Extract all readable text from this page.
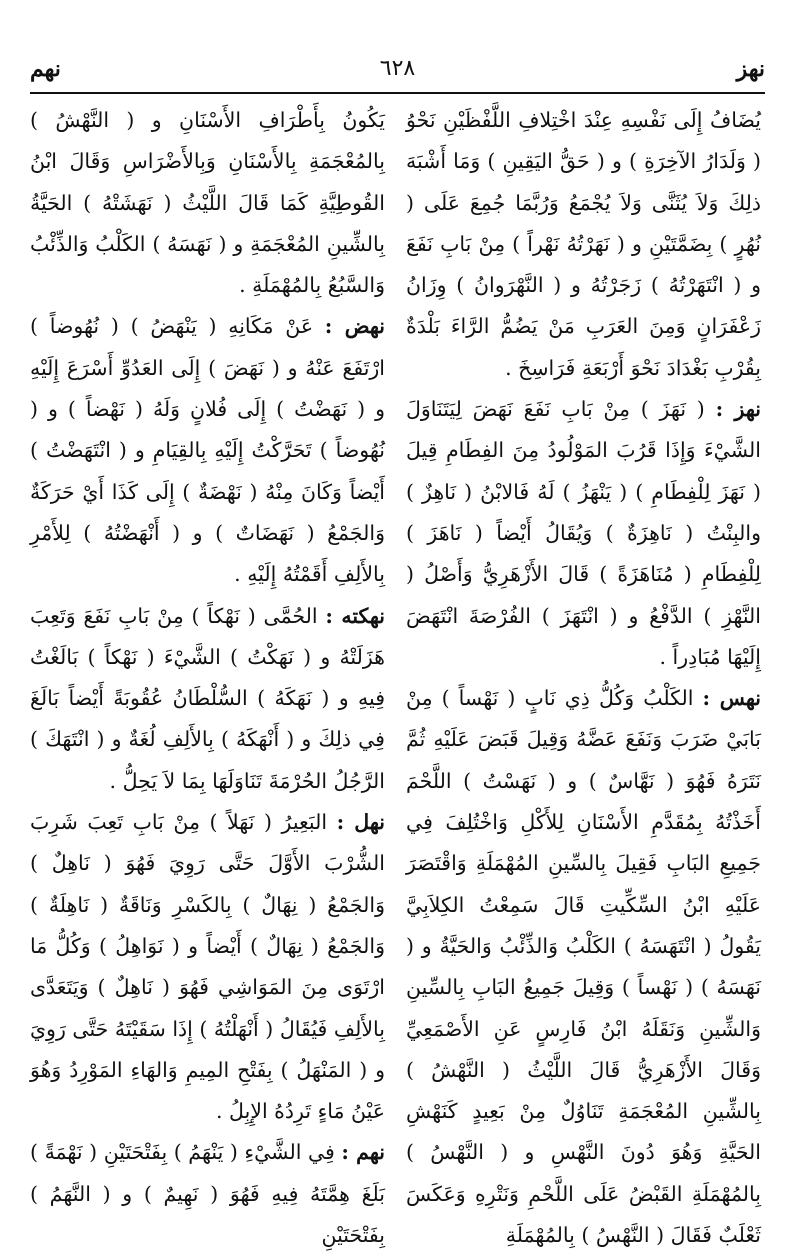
نهز
٦٢٨
نهم

يُضَافُ إِلَى نَفْسِهِ عِنْدَ اخْتِلافِ اللَّفْظَيْنِ نَحْوُ ( وَلَدَارُ الآخِرَةِ ) و ( حَقُّ اليَقِينِ ) وَمَا أَشْبَهَ ذلِكَ وَلاَ يُثَنَّى وَلاَ يُجْمَعُ وَرُبَّمَا جُمِعَ عَلَى ( نُهُرٍ ) بِضَمَّتَيْنِ و ( نَهَرْتُهُ نَهْراً ) مِنْ بَابِ نَفَعَ و ( انْتَهَرْتُهُ ) زَجَرْتُهُ و ( النَّهْرَوانُ ) وِزَانُ زَعْفَرَانٍ وَمِنَ العَرَبِ مَنْ يَضُمُّ الرَّاءَ بَلْدَةٌ بِقُرْبِ بَغْدَادَ نَحْوَ أَرْبَعَةِ فَرَاسِخَ .

نهز : ( نَهَزَ ) مِنْ بَابِ نَفَعَ نَهَضَ لِيَتَنَاوَلَ الشَّيْءَ وَإِذَا قَرُبَ المَوْلُودُ مِنَ الفِطَامِ قِيلَ ( نَهَزَ لِلْفِطَامِ ) ( يَنْهَزُ ) لَهُ فَالابْنُ ( نَاهِزٌ ) والبِنْتُ ( نَاهِزَةٌ ) وَيُقَالُ أَيْضاً ( نَاهَزَ ) لِلْفِطَامِ ( مُنَاهَزَةً ) قَالَ الأَزْهَرِيُّ وَأَصْلُ ( النَّهْزِ ) الدَّفْعُ و ( انْتَهَزَ ) الفُرْصَةَ انْتَهَضَ إِلَيْهَا مُبَادِراً .

نهس : الكَلْبُ وَكُلُّ ذِي نَابٍ ( نَهْساً ) مِنْ بَابَيْ ضَرَبَ وَنَفَعَ عَضَّهُ وَقِيلَ قَبَضَ عَلَيْهِ ثُمَّ نَتَرَهُ فَهُوَ ( نَهَّاسٌ ) و ( نَهَسْتُ ) اللَّحْمَ أَخَذْتُهُ بِمُقَدَّمِ الأَسْنَانِ لِلأَكْلِ وَاخْتُلِفَ فِي جَمِيعِ البَابِ فَقِيلَ بِالسِّينِ المُهْمَلَةِ وَاقْتَصَرَ عَلَيْهِ ابْنُ السِّكِّيتِ قَالَ سَمِعْتُ الكِلاَبِيَّ يَقُولُ ( انْتَهَسَهُ ) الكَلْبُ وَالذِّئْبُ وَالحَيَّةُ و ( نَهَسَهُ ) ( نَهْساً ) وَقِيلَ جَمِيعُ البَابِ بِالسِّينِ وَالشِّينِ وَنَقَلَهُ ابْنُ فَارِسٍ عَنِ الأَصْمَعِيِّ وَقَالَ الأَزْهَرِيُّ قَالَ اللَّيْثُ ( النَّهْشُ ) بِالشِّينِ المُعْجَمَةِ تَنَاوُلٌ مِنْ بَعِيدٍ كَنَهْشِ الحَيَّةِ وَهُوَ دُونَ النَّهْسِ و ( النَّهْسُ ) بِالمُهْمَلَةِ القَبْضُ عَلَى اللَّحْمِ وَنَتْرِهِ وَعَكَسَ ثَعْلَبٌ فَقَالَ ( النَّهْسُ ) بِالمُهْمَلَةِ

يَكُونُ بِأَطْرَافِ الأَسْنَانِ و ( النَّهْشُ ) بِالمُعْجَمَةِ بِالأَسْنَانِ وَبِالأَضْرَاسِ وَقَالَ ابْنُ القُوطِيَّةِ كَمَا قَالَ اللَّيْثُ ( نَهَشَتْهُ ) الحَيَّةُ بِالشِّينِ المُعْجَمَةِ و ( نَهَسَهُ ) الكَلْبُ وَالذِّئْبُ وَالسَّبُعُ بِالمُهْمَلَةِ .

نهض : عَنْ مَكَانِهِ ( يَنْهَضُ ) ( نُهُوضاً ) ارْتَفَعَ عَنْهُ و ( نَهَضَ ) إِلَى العَدُوِّ أَسْرَعَ إِلَيْهِ و ( نَهَضْتُ ) إِلَى فُلانٍ وَلَهُ ( نَهْضاً ) و ( نُهُوضاً ) تَحَرَّكْتُ إِلَيْهِ بِالقِيَامِ و ( انْتَهَضْتُ ) أَيْضاً وَكَانَ مِنْهُ ( نَهْضَةٌ ) إِلَى كَذَا أَيْ حَرَكَةٌ وَالجَمْعُ ( نَهَضَاتٌ ) و ( أَنْهَضْتُهُ ) لِلأَمْرِ بِالأَلِفِ أَقَمْتُهُ إِلَيْهِ .

نهكته : الحُمَّى ( نَهْكاً ) مِنْ بَابِ نَفَعَ وَتَعِبَ هَزَلَتْهُ و ( نَهَكْتُ ) الشَّيْءَ ( نَهْكاً ) بَالَغْتُ فِيهِ و ( نَهَكَهُ ) السُّلْطَانُ عُقُوبَةً أَيْضاً بَالَغَ فِي ذلِكَ و ( أَنْهَكَهُ ) بِالأَلِفِ لُغَةٌ و ( انْتَهَكَ ) الرَّجُلُ الحُرْمَةَ تَنَاوَلَهَا بِمَا لاَ يَحِلُّ .

نهل : البَعِيرُ ( نَهَلاً ) مِنْ بَابِ تَعِبَ شَرِبَ الشُّرْبَ الأَوَّلَ حَتَّى رَوِيَ فَهُوَ ( نَاهِلٌ ) وَالجَمْعُ ( نِهَالٌ ) بِالكَسْرِ وَنَاقَةٌ ( نَاهِلَةٌ ) وَالجَمْعُ ( نِهَالٌ ) أَيْضاً و ( نَوَاهِلُ ) وَكُلُّ مَا ارْتَوَى مِنَ المَوَاشِي فَهُوَ ( نَاهِلٌ ) وَيَتَعَدَّى بِالأَلِفِ فَيُقَالُ ( أَنْهَلْتُهُ ) إِذَا سَقَيْتَهُ حَتَّى رَوِيَ و ( المَنْهَلُ ) بِفَتْحِ المِيمِ وَالهَاءِ المَوْرِدُ وَهُوَ عَيْنُ مَاءٍ تَرِدُهُ الإِبِلُ .

نهم : فِي الشَّيْءِ ( يَنْهَمُ ) بِفَتْحَتَيْنِ ( نَهْمَةً ) بَلَغَ هِمَّتَهُ فِيهِ فَهُوَ ( نَهِيمٌ ) و ( النَّهَمُ ) بِفَتْحَتَيْنِ
